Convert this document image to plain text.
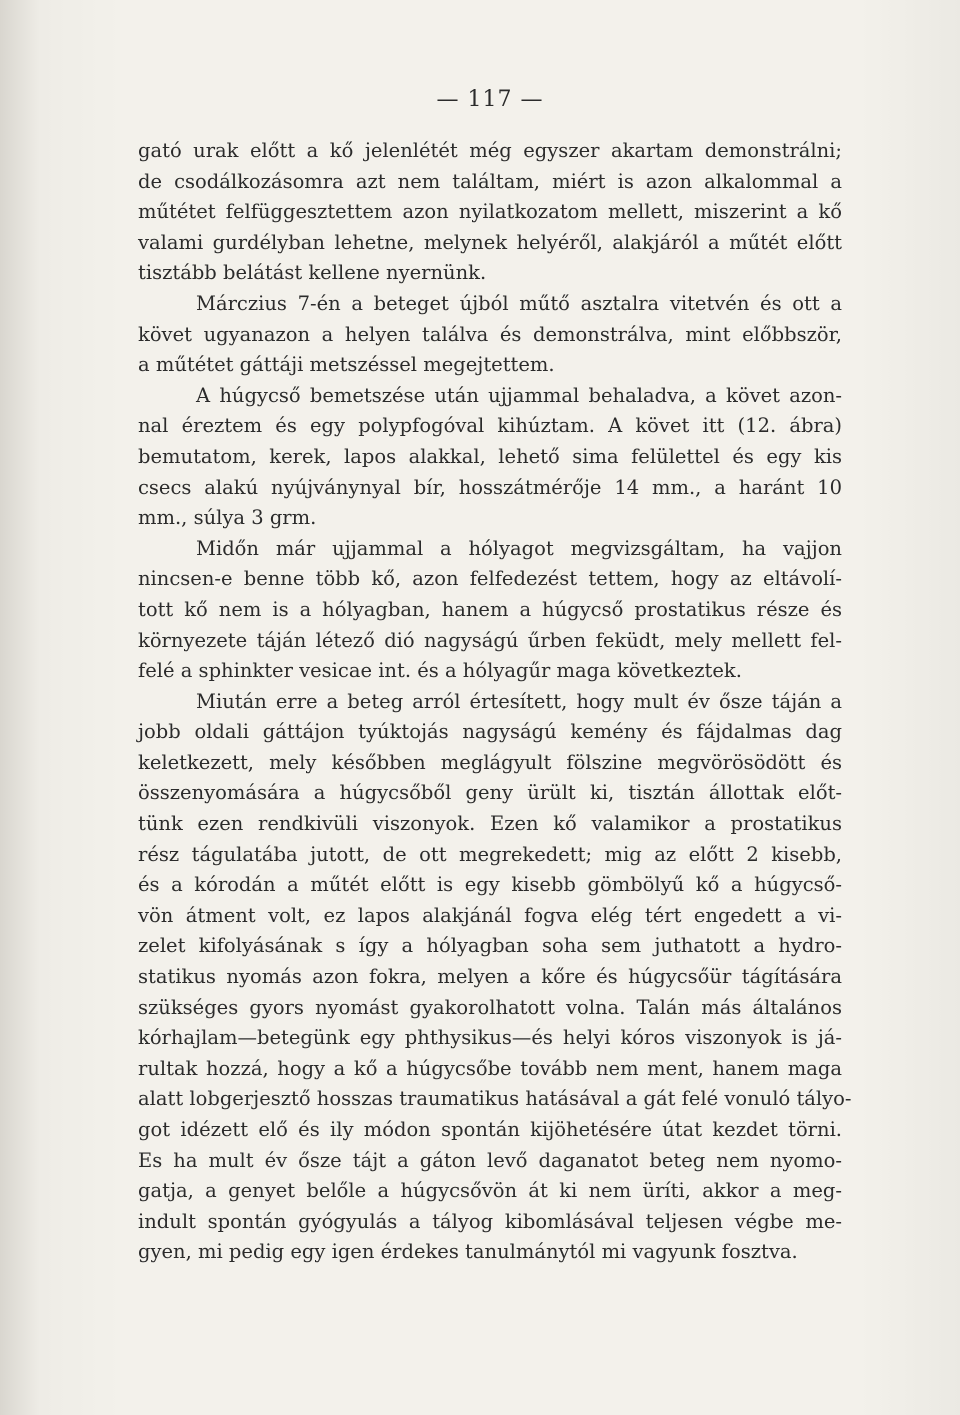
— 117 —
gató urak előtt a kő jelenlétét még egyszer akartam demonstrálni;
de csodálkozásomra azt nem találtam, miért is azon alkalommal a
műtétet felfüggesztettem azon nyilatkozatom mellett, miszerint a kő
valami gurdélyban lehetne, melynek helyéről, alakjáról a műtét előtt
tisztább belátást kellene nyernünk.
Márczius 7-én a beteget újból műtő asztalra vitetvén és ott a
követ ugyanazon a helyen találva és demonstrálva, mint előbbször,
a műtétet gáttáji metszéssel megejtettem.
A húgycső bemetszése után ujjammal behaladva, a követ azon-
nal éreztem és egy polypfogóval kihúztam. A követ itt (12. ábra)
bemutatom, kerek, lapos alakkal, lehető sima felülettel és egy kis
csecs alakú nyújványnyal bír, hosszátmérője 14 mm., a haránt 10
mm., súlya 3 grm.
Midőn már ujjammal a hólyagot megvizsgáltam, ha vajjon
nincsen-e benne több kő, azon felfedezést tettem, hogy az eltávolí-
tott kő nem is a hólyagban, hanem a húgycső prostatikus része és
környezete táján létező dió nagyságú űrben feküdt, mely mellett fel-
felé a sphinkter vesicae int. és a hólyagűr maga következtek.
Miután erre a beteg arról értesített, hogy mult év ősze táján a
jobb oldali gáttájon tyúktojás nagyságú kemény és fájdalmas dag
keletkezett, mely későbben meglágyult fölszine megvörösödött és
összenyomására a húgycsőből geny ürült ki, tisztán állottak előt-
tünk ezen rendkivüli viszonyok. Ezen kő valamikor a prostatikus
rész tágulatába jutott, de ott megrekedett; mig az előtt 2 kisebb,
és a kórodán a műtét előtt is egy kisebb gömbölyű kő a húgycső-
vön átment volt, ez lapos alakjánál fogva elég tért engedett a vi-
zelet kifolyásának s így a hólyagban soha sem juthatott a hydro-
statikus nyomás azon fokra, melyen a kőre és húgycsőür tágítására
szükséges gyors nyomást gyakorolhatott volna. Talán más általános
kórhajlam—betegünk egy phthysikus—és helyi kóros viszonyok is já-
rultak hozzá, hogy a kő a húgycsőbe tovább nem ment, hanem maga
alatt lobgerjesztő hosszas traumatikus hatásával a gát felé vonuló tályo-
got idézett elő és ily módon spontán kijöhetésére útat kezdet törni.
Es ha mult év ősze tájt a gáton levő daganatot beteg nem nyomo-
gatja, a genyet belőle a húgycsővön át ki nem üríti, akkor a meg-
indult spontán gyógyulás a tályog kibomlásával teljesen végbe me-
gyen, mi pedig egy igen érdekes tanulmánytól mi vagyunk fosztva.
